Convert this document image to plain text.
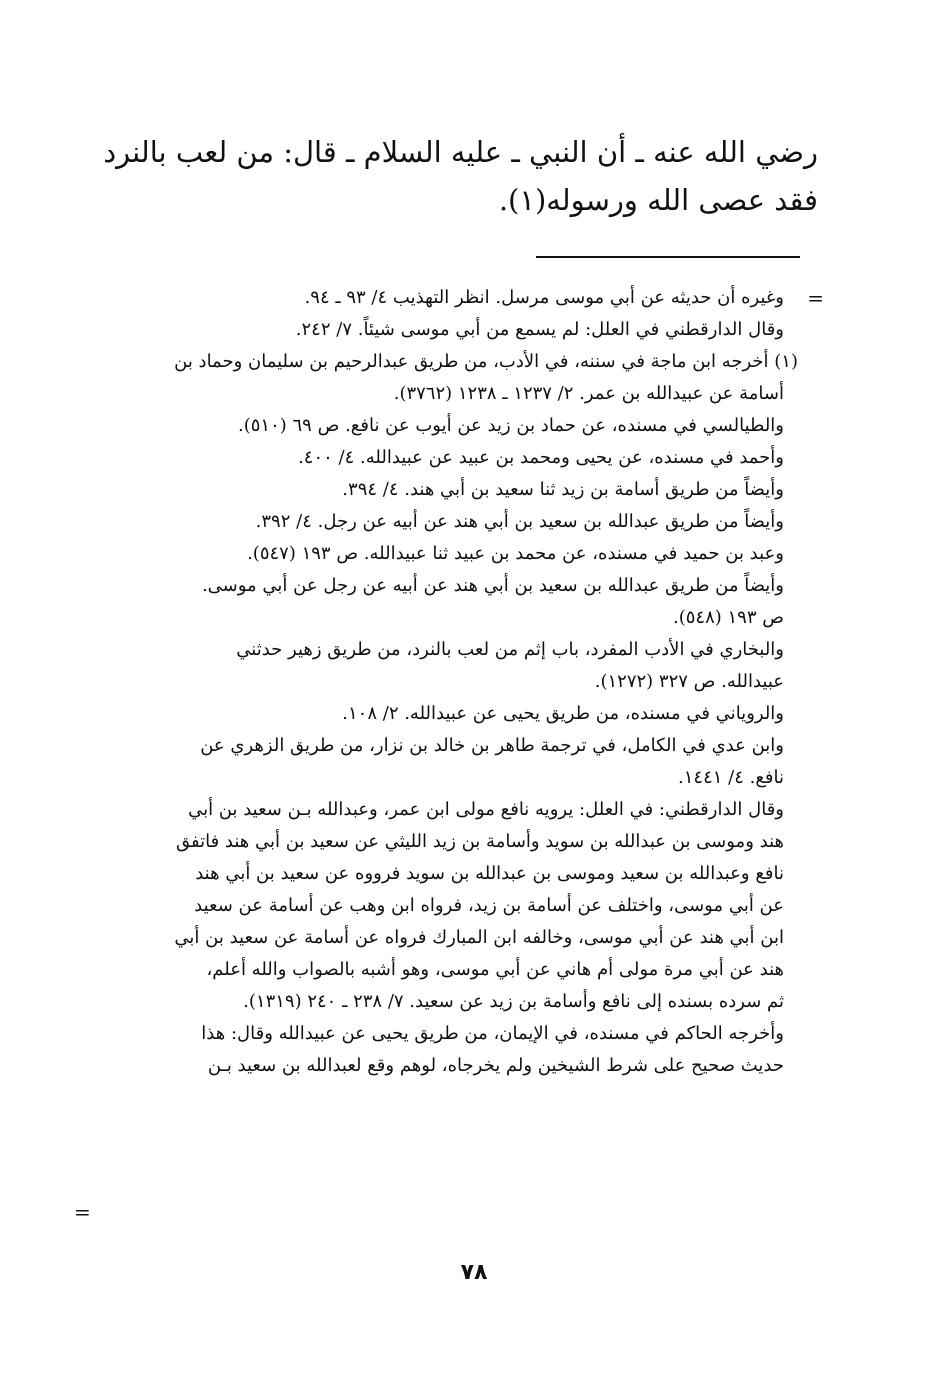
رضي الله عنه ـ أن النبي ـ عليه السلام ـ قال: من لعب بالنرد
فقد عصى الله ورسوله(١).
=
وغيره أن حديثه عن أبي موسى مرسل. انظر التهذيب ٤/ ٩٣ ـ ٩٤.
وقال الدارقطني في العلل: لم يسمع من أبي موسى شيئاً. ٧/ ٢٤٢.
(١) أخرجه ابن ماجة في سننه، في الأدب، من طريق عبدالرحيم بن سليمان وحماد بن
أسامة عن عبيدالله بن عمر. ٢/ ١٢٣٧ ـ ١٢٣٨ (٣٧٦٢).
والطيالسي في مسنده، عن حماد بن زيد عن أيوب عن نافع. ص ٦٩ (٥١٠).
وأحمد في مسنده، عن يحيى ومحمد بن عبيد عن عبيدالله. ٤/ ٤٠٠.
وأيضاً من طريق أسامة بن زيد ثنا سعيد بن أبي هند. ٤/ ٣٩٤.
وأيضاً من طريق عبدالله بن سعيد بن أبي هند عن أبيه عن رجل. ٤/ ٣٩٢.
وعبد بن حميد في مسنده، عن محمد بن عبيد ثنا عبيدالله. ص ١٩٣ (٥٤٧).
وأيضاً من طريق عبدالله بن سعيد بن أبي هند عن أبيه عن رجل عن أبي موسى.
ص ١٩٣ (٥٤٨).
والبخاري في الأدب المفرد، باب إثم من لعب بالنرد، من طريق زهير حدثني
عبيدالله. ص ٣٢٧ (١٢٧٢).
والروياني في مسنده، من طريق يحيى عن عبيدالله. ٢/ ١٠٨.
وابن عدي في الكامل، في ترجمة طاهر بن خالد بن نزار، من طريق الزهري عن
نافع. ٤/ ١٤٤١.
وقال الدارقطني: في العلل: يرويه نافع مولى ابن عمر، وعبدالله بـن سعيد بن أبي
هند وموسى بن عبدالله بن سويد وأسامة بن زيد الليثي عن سعيد بن أبي هند فاتفق
نافع وعبدالله بن سعيد وموسى بن عبدالله بن سويد فرووه عن سعيد بن أبي هند
عن أبي موسى، واختلف عن أسامة بن زيد، فرواه ابن وهب عن أسامة عن سعيد
ابن أبي هند عن أبي موسى، وخالفه ابن المبارك فرواه عن أسامة عن سعيد بن أبي
هند عن أبي مرة مولى أم هاني عن أبي موسى، وهو أشبه بالصواب والله أعلم،
ثم سرده بسنده إلى نافع وأسامة بن زيد عن سعيد. ٧/ ٢٣٨ ـ ٢٤٠ (١٣١٩).
وأخرجه الحاكم في مسنده، في الإيمان، من طريق يحيى عن عبيدالله وقال: هذا
حديث صحيح على شرط الشيخين ولم يخرجاه، لوهم وقع لعبدالله بن سعيد بـن
=
٧٨
